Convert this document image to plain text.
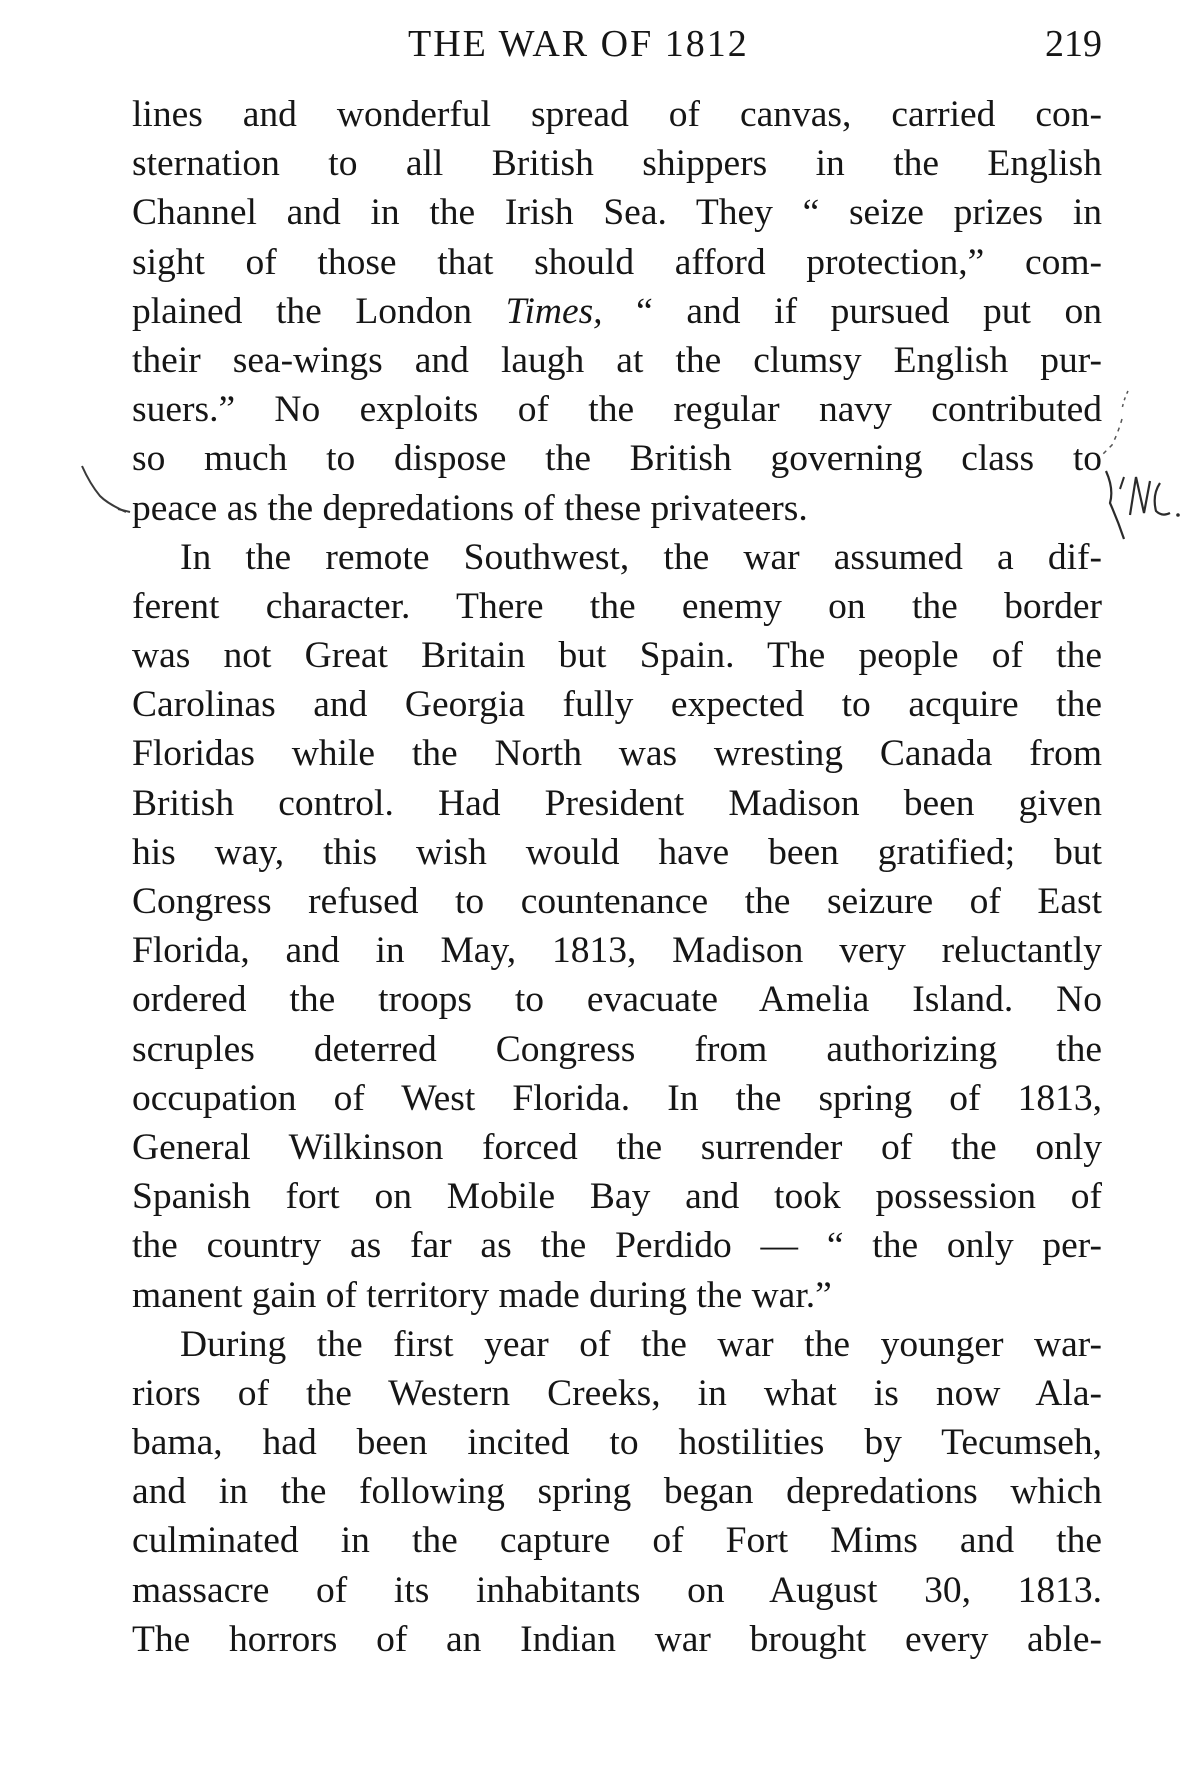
THE WAR OF 1812	219
lines and wonderful spread of canvas, carried con-
sternation to all British shippers in the English
Channel and in the Irish Sea. They “ seize prizes in
sight of those that should afford protection,” com-
plained the London Times, “ and if pursued put on
their sea-wings and laugh at the clumsy English pur-
suers.” No exploits of the regular navy contributed
so much to dispose the British governing class to
peace as the depredations of these privateers.
In the remote Southwest, the war assumed a dif-
ferent character. There the enemy on the border
was not Great Britain but Spain. The people of the
Carolinas and Georgia fully expected to acquire the
Floridas while the North was wresting Canada from
British control. Had President Madison been given
his way, this wish would have been gratified; but
Congress refused to countenance the seizure of East
Florida, and in May, 1813, Madison very reluctantly
ordered the troops to evacuate Amelia Island. No
scruples deterred Congress from authorizing the
occupation of West Florida. In the spring of 1813,
General Wilkinson forced the surrender of the only
Spanish fort on Mobile Bay and took possession of
the country as far as the Perdido — “ the only per-
manent gain of territory made during the war.”
During the first year of the war the younger war-
riors of the Western Creeks, in what is now Ala-
bama, had been incited to hostilities by Tecumseh,
and in the following spring began depredations which
culminated in the capture of Fort Mims and the
massacre of its inhabitants on August 30, 1813.
The horrors of an Indian war brought every able-
